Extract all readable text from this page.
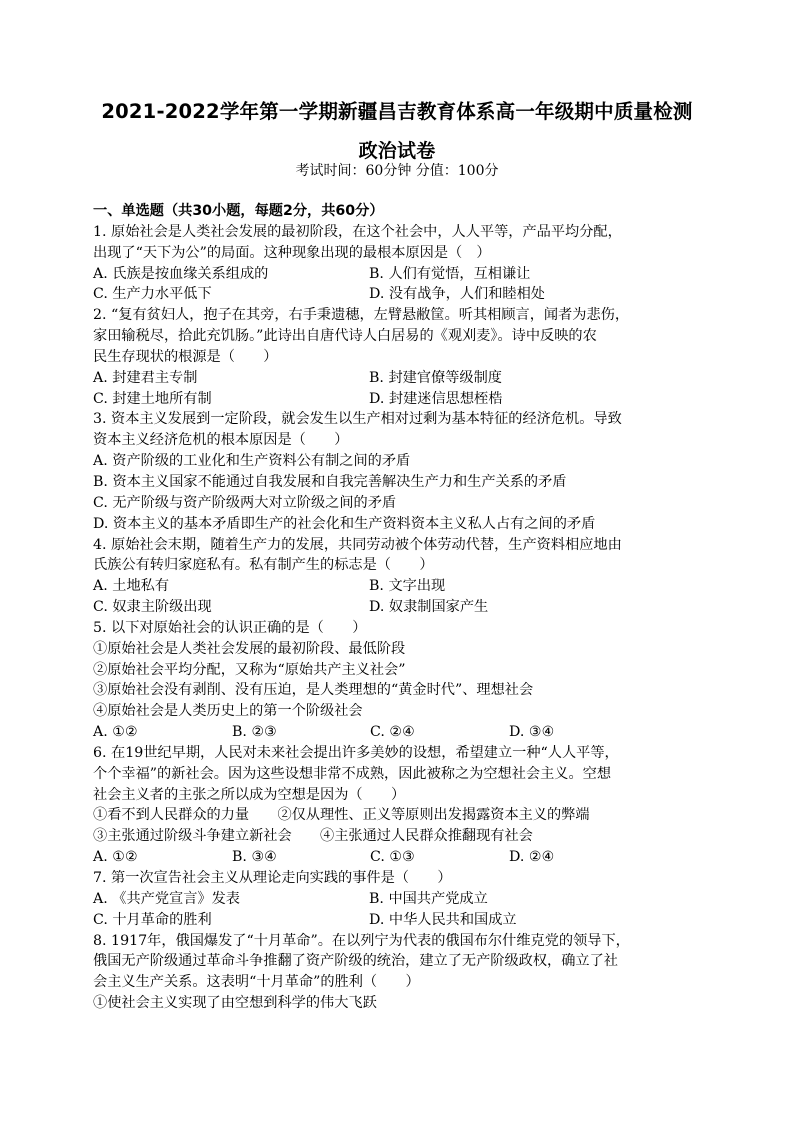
2021-2022学年第一学期新疆昌吉教育体系高一年级期中质量检测
政治试卷
考试时间：60分钟 分值：100分
一、单选题（共30小题，每题2分，共60分）
1. 原始社会是人类社会发展的最初阶段，在这个社会中，人人平等，产品平均分配，
出现了“天下为公”的局面。这种现象出现的最根本原因是（　）
A. 氏族是按血缘关系组成的	B. 人们有觉悟，互相谦让
C. 生产力水平低下	D. 没有战争，人们和睦相处
2. “复有贫妇人，抱子在其旁，右手秉遗穗，左臂悬敝筐。听其相顾言，闻者为悲伤，
家田输税尽，拾此充饥肠。”此诗出自唐代诗人白居易的《观刈麦》。诗中反映的农
民生存现状的根源是（　　）
A. 封建君主专制	B. 封建官僚等级制度
C. 封建土地所有制	D. 封建迷信思想桎梏
3. 资本主义发展到一定阶段，就会发生以生产相对过剩为基本特征的经济危机。导致
资本主义经济危机的根本原因是（　　）
A. 资产阶级的工业化和生产资料公有制之间的矛盾
B. 资本主义国家不能通过自我发展和自我完善解决生产力和生产关系的矛盾
C. 无产阶级与资产阶级两大对立阶级之间的矛盾
D. 资本主义的基本矛盾即生产的社会化和生产资料资本主义私人占有之间的矛盾
4. 原始社会末期，随着生产力的发展，共同劳动被个体劳动代替，生产资料相应地由
氏族公有转归家庭私有。私有制产生的标志是（　　）
A. 土地私有	B. 文字出现
C. 奴隶主阶级出现	D. 奴隶制国家产生
5. 以下对原始社会的认识正确的是（　　）
①原始社会是人类社会发展的最初阶段、最低阶段
②原始社会平均分配，又称为“原始共产主义社会”
③原始社会没有剥削、没有压迫，是人类理想的“黄金时代”、理想社会
④原始社会是人类历史上的第一个阶级社会
A. ①②	B. ②③	C. ②④	D. ③④
6. 在19世纪早期，人民对未来社会提出许多美妙的设想，希望建立一种“人人平等，
个个幸福”的新社会。因为这些设想非常不成熟，因此被称之为空想社会主义。空想
社会主义者的主张之所以成为空想是因为（　　）
①看不到人民群众的力量　　②仅从理性、正义等原则出发揭露资本主义的弊端
③主张通过阶级斗争建立新社会　　④主张通过人民群众推翻现有社会
A. ①②	B. ③④	C. ①③	D. ②④
7. 第一次宣告社会主义从理论走向实践的事件是（　　）
A. 《共产党宣言》发表	B. 中国共产党成立
C. 十月革命的胜利	D. 中华人民共和国成立
8. 1917年，俄国爆发了“十月革命”。在以列宁为代表的俄国布尔什维克党的领导下，
俄国无产阶级通过革命斗争推翻了资产阶级的统治，建立了无产阶级政权，确立了社
会主义生产关系。这表明“十月革命”的胜利（　　）
①使社会主义实现了由空想到科学的伟大飞跃
